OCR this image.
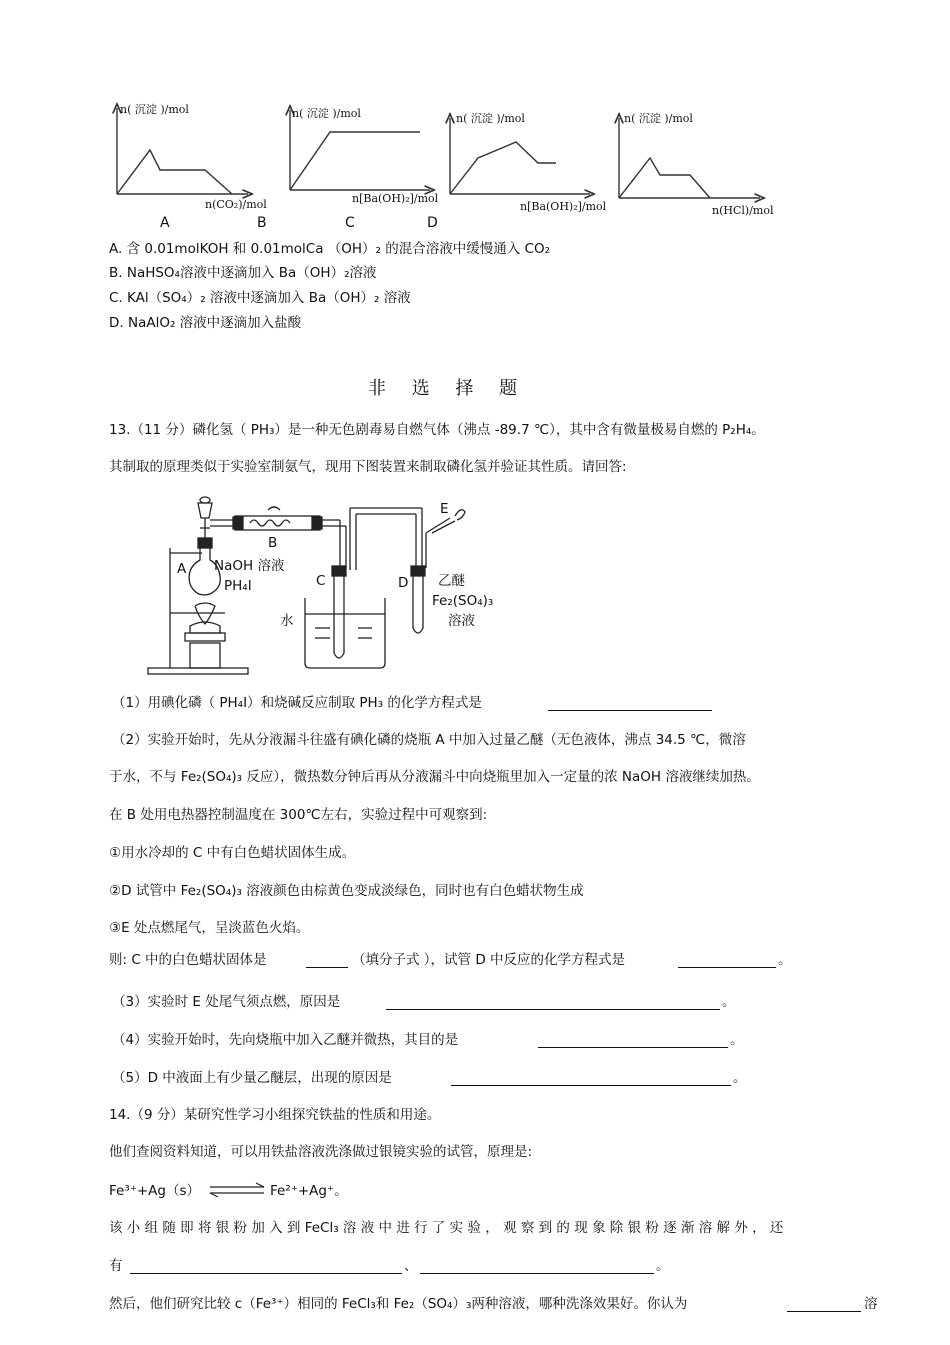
n( 沉淀 )/mol	n( 沉淀 )/mol	n( 沉淀 )/mol	n( 沉淀 )/mol
n(CO₂)/mol	n[Ba(OH)₂]/mol
n[Ba(OH)₂]/mol	n(HCl)/mol
A	B	C	D
A. 含 0.01molKOH 和 0.01molCa （OH）₂ 的混合溶液中缓慢通入 CO₂
B. NaHSO₄溶液中逐滴加入 Ba（OH）₂溶液
C. KAl（SO₄）₂ 溶液中逐滴加入 Ba（OH）₂ 溶液
D. NaAlO₂ 溶液中逐滴加入盐酸
非 选 择 题
13.（11 分）磷化氢（ PH₃）是一种无色剧毒易自燃气体（沸点 -89.7 ℃），其中含有微量极易自燃的 P₂H₄。
其制取的原理类似于实验室制氨气，现用下图装置来制取磷化氢并验证其性质。请回答:
E
B
A NaOH 溶液
PH₄I	C	D 乙醚
Fe₂(SO₄)₃
溶液
水
（1）用碘化磷（ PH₄I）和烧碱反应制取 PH₃ 的化学方程式是
（2）实验开始时，先从分液漏斗往盛有碘化磷的烧瓶 A 中加入过量乙醚（无色液体，沸点 34.5 ℃，微溶
于水，不与 Fe₂(SO₄)₃ 反应），微热数分钟后再从分液漏斗中向烧瓶里加入一定量的浓 NaOH 溶液继续加热。
在 B 处用电热器控制温度在 300℃左右，实验过程中可观察到:
①用水冷却的 C 中有白色蜡状固体生成。
②D 试管中 Fe₂(SO₄)₃ 溶液颜色由棕黄色变成淡绿色，同时也有白色蜡状物生成
③E 处点燃尾气，呈淡蓝色火焰。
则: C 中的白色蜡状固体是	（填分子式 ），试管 D 中反应的化学方程式是	。
（3）实验时 E 处尾气须点燃，原因是	。
（4）实验开始时，先向烧瓶中加入乙醚并微热，其目的是	。
（5）D 中液面上有少量乙醚层，出现的原因是	。
14.（9 分）某研究性学习小组探究铁盐的性质和用途。
他们查阅资料知道，可以用铁盐溶液洗涤做过银镜实验的试管，原理是:
Fe³⁺+Ag（s） ⇌ Fe²⁺+Ag⁺。
该 小 组 随 即 将 银 粉 加 入 到 FeCl₃ 溶 液 中 进 行 了 实 验 ， 观 察 到 的 现 象 除 银 粉 逐 渐 溶 解 外 ， 还
有	、	。
然后，他们研究比较 c（Fe³⁺）相同的 FeCl₃和 Fe₂（SO₄）₃两种溶液，哪种洗涤效果好。你认为	溶
